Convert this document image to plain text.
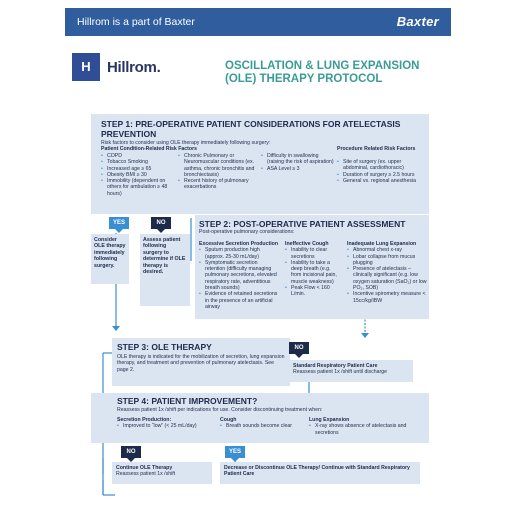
Hillrom is a part of Baxter	Baxter
H	Hillrom.	OSCILLATION & LUNG EXPANSION (OLE) THERAPY PROTOCOL
STEP 1: PRE-OPERATIVE PATIENT CONSIDERATIONS FOR ATELECTASIS PREVENTION
Risk factors to consider using OLE therapy immediately following surgery:
Patient Condition-Related Risk Factors
• COPD
• Tobacco Smoking
• Increased age ≥ 65
• Obesity BMI ≥ 30
• Immobility (dependent on others for ambulation ≥ 48 hours)
• Chronic Pulmonary or Neuromuscular conditions (ex. asthma, chronic bronchitis and bronchiectasis)
• Recent history of pulmonary exacerbations
• Difficulty in swallowing (raising the risk of aspiration)
• ASA Level ≥ 3
Procedure Related Risk Factors
• Site of surgery (ex. upper abdominal, cardiothoracic)
• Duration of surgery ≥ 2.5 hours
• General vs. regional anesthesia
YES	NO
Consider OLE therapy immediately following surgery.
Assess patient following surgery to determine if OLE therapy is desired.
STEP 2: POST-OPERATIVE PATIENT ASSESSMENT
Post-operative pulmonary considerations:
Excessive Secretion Production
• Sputum production high (approx. 25-30 mL/day)
• Symptomatic secretion retention (difficulty managing pulmonary secretions, elevated respiratory rate, adventitious breath sounds)
• Evidence of retained secretions in the presence of an artificial airway
Ineffective Cough
• Inability to clear secretions
• Inability to take a deep breath (e.g. from incisional pain, muscle weakness)
• Peak Flow < 160 L/min.
Inadequate Lung Expansion
• Abnormal chest x-ray
• Lobar collapse from mucus plugging
• Presence of atelectasis – clinically significant (e.g. low oxygen saturation (SaO₂) or low PO₂, SOB)
• Incentive spirometry measure < 15cc/kg/IBW
STEP 3: OLE THERAPY
OLE therapy is indicated for the mobilization of secretion, lung expansion therapy, and treatment and prevention of pulmonary atelectasis. See page 2.
NO
Standard Respiratory Patient Care
Reassess patient 1x /shift until discharge
STEP 4: PATIENT IMPROVEMENT?
Reassess patient 1x /shift per indications for use. Consider discontinuing treatment when:
Secretion Production:
• Improved to “low” (< 25 mL/day)
Cough
• Breath sounds become clear
Lung Expansion
• X-ray shows absence of atelectasis and secretions
NO	YES
Continue OLE Therapy
Reassess patient 1x /shift
Decrease or Discontinue OLE Therapy/ Continue with Standard Respiratory Patient Care
